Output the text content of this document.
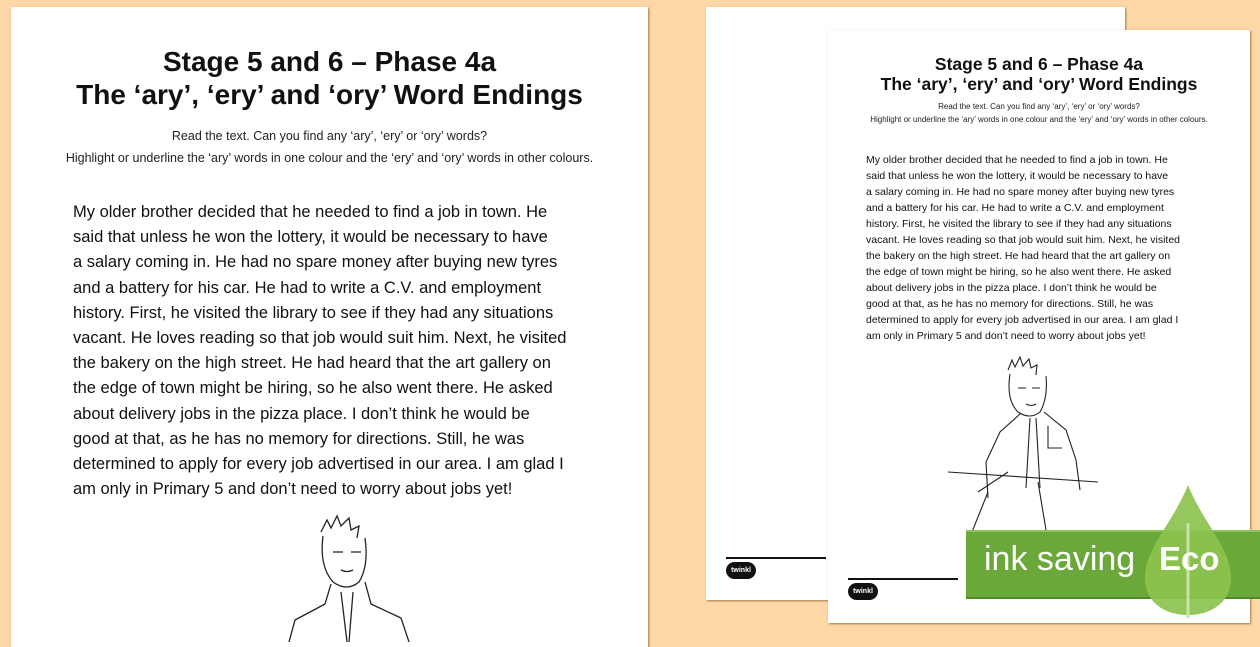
Stage 5 and 6 – Phase 4a
The ‘ary’, ‘ery’ and ‘ory’ Word Endings
Read the text. Can you find any ‘ary’, ‘ery’ or ‘ory’ words?
Highlight or underline the ‘ary’ words in one colour and the ‘ery’ and ‘ory’ words in other colours.
My older brother decided that he needed to find a job in town. He
said that unless he won the lottery, it would be necessary to have
a salary coming in. He had no spare money after buying new tyres
and a battery for his car. He had to write a C.V. and employment
history. First, he visited the library to see if they had any situations
vacant. He loves reading so that job would suit him. Next, he visited
the bakery on the high street. He had heard that the art gallery on
the edge of town might be hiring, so he also went there. He asked
about delivery jobs in the pizza place. I don’t think he would be
good at that, as he has no memory for directions. Still, he was
determined to apply for every job advertised in our area. I am glad I
am only in Primary 5 and don’t need to worry about jobs yet!
twinkl
Stage 5 and 6 – Phase 4a
The ‘ary’, ‘ery’ and ‘ory’ Word Endings
Read the text. Can you find any ‘ary’, ‘ery’ or ‘ory’ words?
Highlight or underline the ‘ary’ words in one colour and the ‘ery’ and ‘ory’ words in other colours.
My older brother decided that he needed to find a job in town. He
said that unless he won the lottery, it would be necessary to have
a salary coming in. He had no spare money after buying new tyres
and a battery for his car. He had to write a C.V. and employment
history. First, he visited the library to see if they had any situations
vacant. He loves reading so that job would suit him. Next, he visited
the bakery on the high street. He had heard that the art gallery on
the edge of town might be hiring, so he also went there. He asked
about delivery jobs in the pizza place. I don’t think he would be
good at that, as he has no memory for directions. Still, he was
determined to apply for every job advertised in our area. I am glad I
am only in Primary 5 and don’t need to worry about jobs yet!
twinkl
ink saving Eco
